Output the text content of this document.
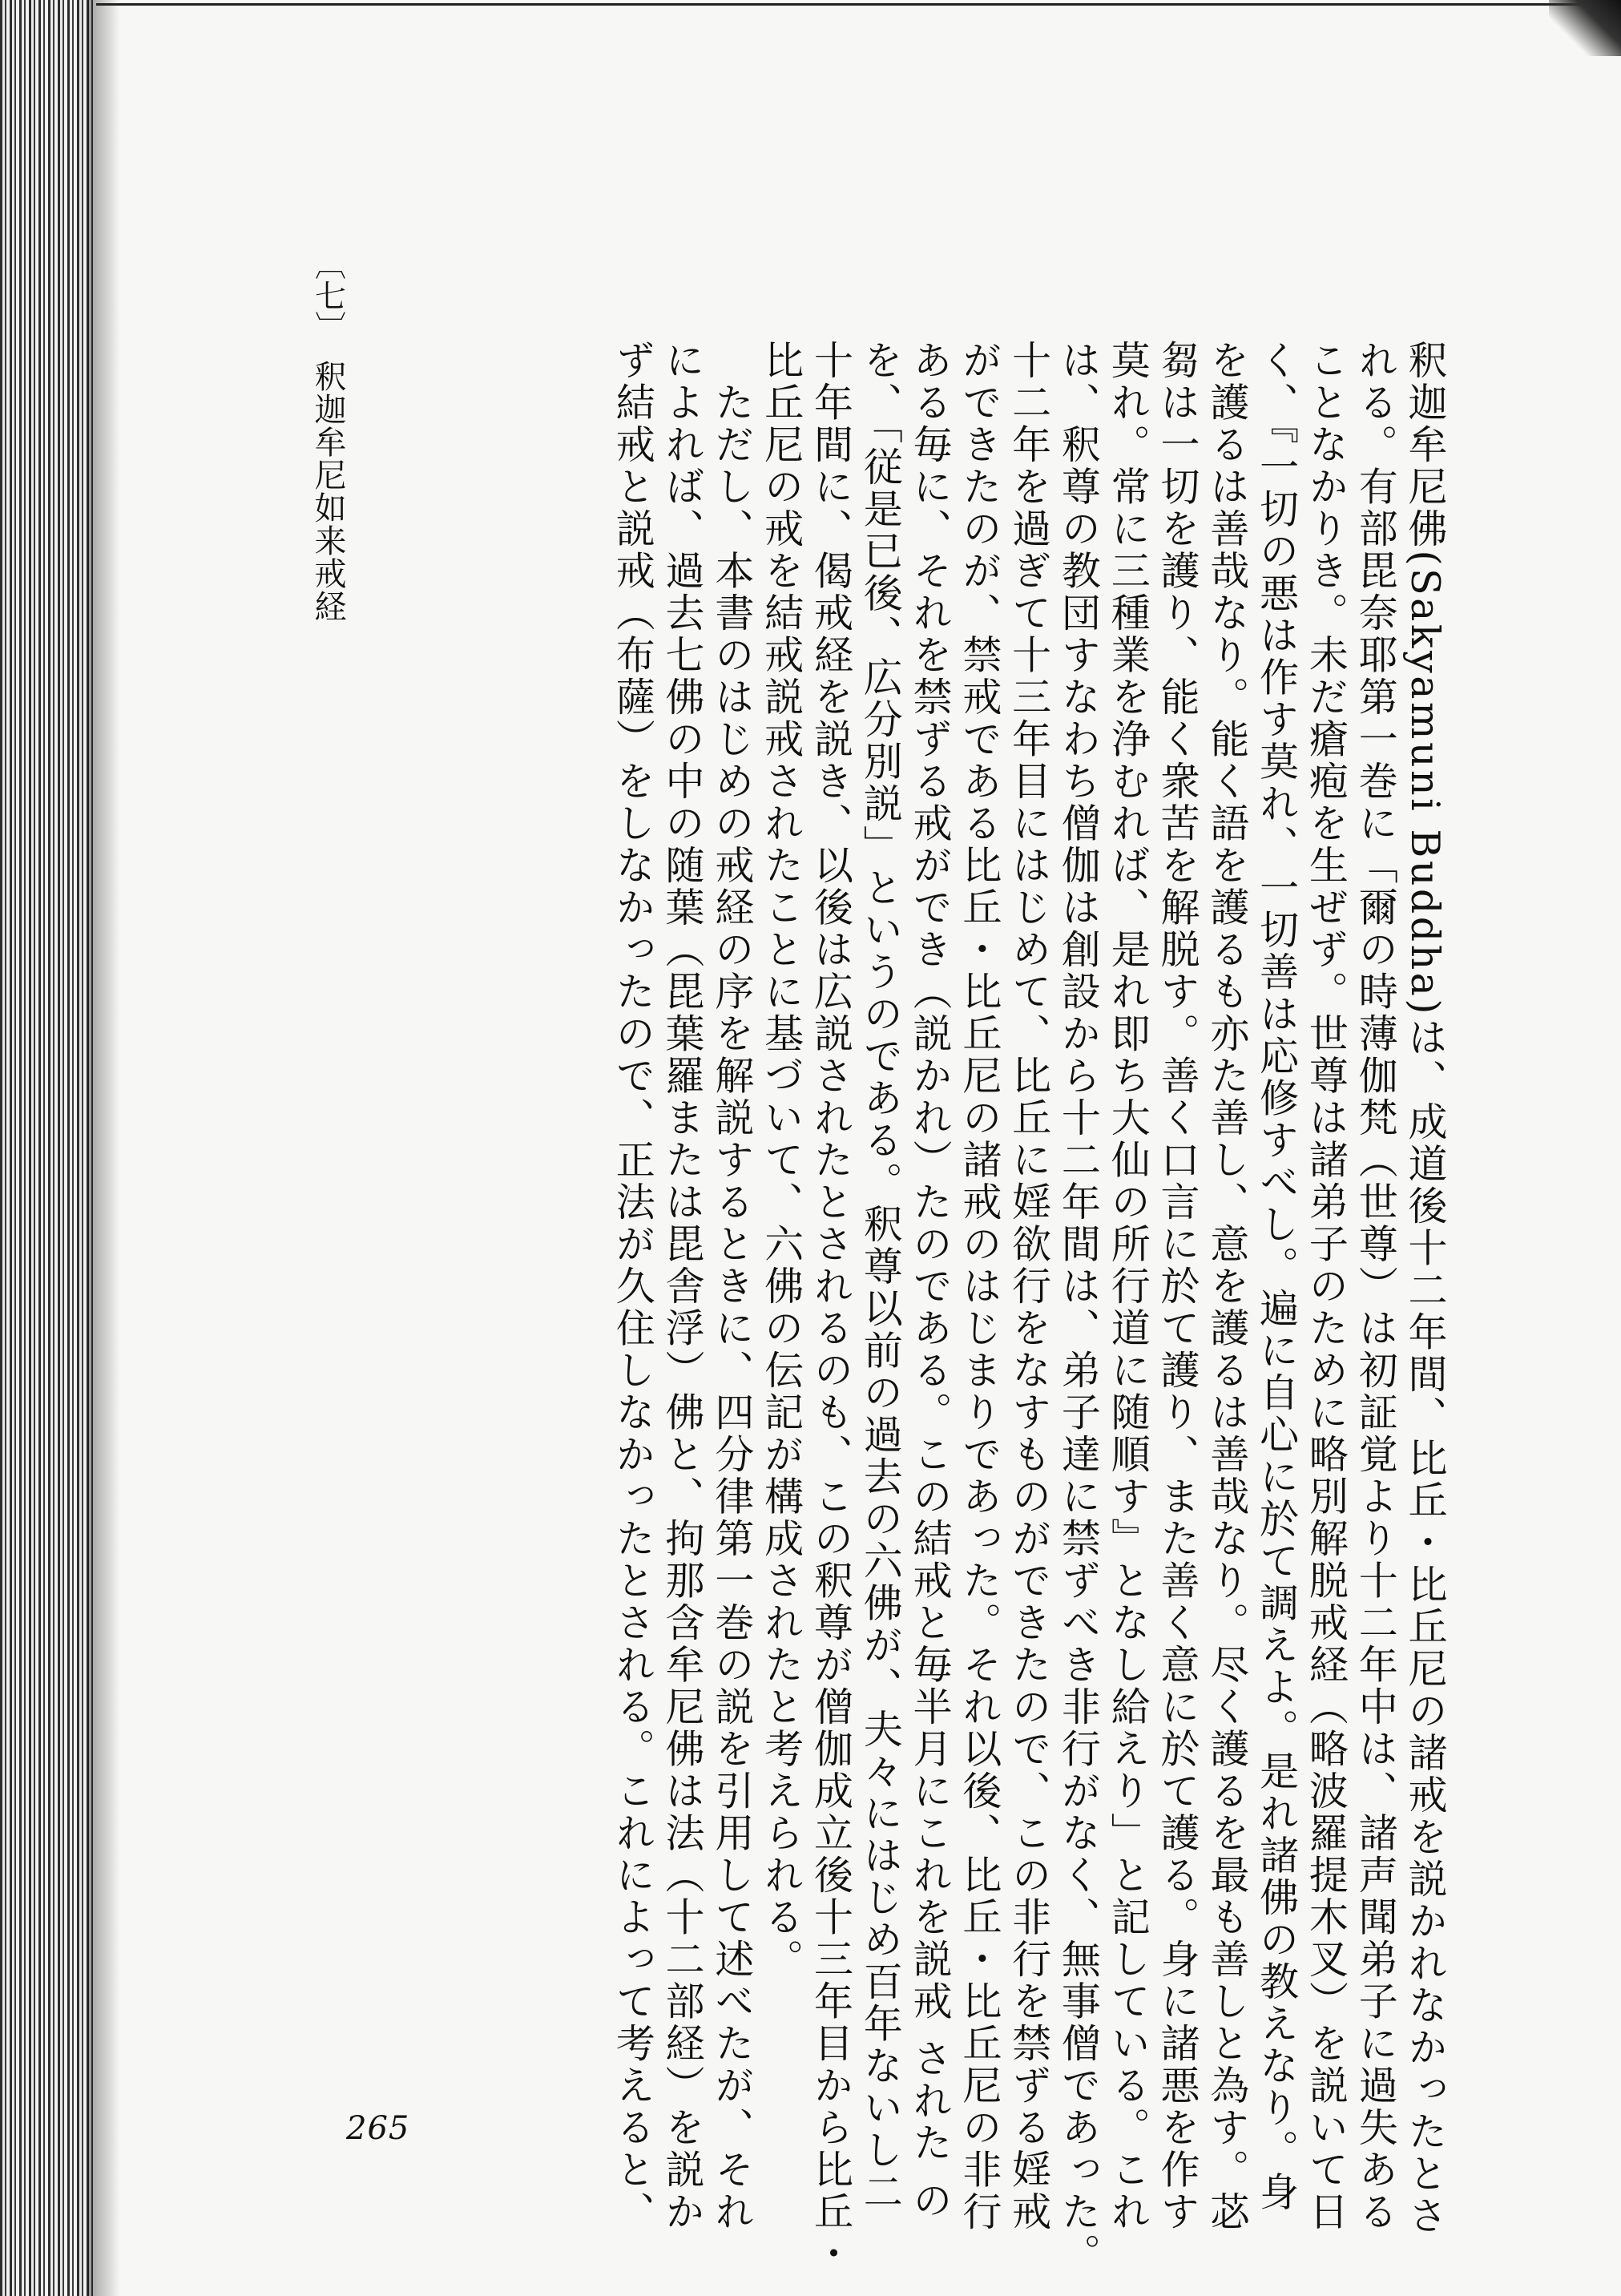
〔七〕
釈迦牟尼如来戒経	釈迦牟尼佛(Sakyamuni Buddha)は、成道後十二年間、比丘・比丘尼の諸戒を説かれなかったとさ
れる。有部毘奈耶第一巻に「爾の時薄伽梵（世尊）は初証覚より十二年中は、諸声聞弟子に過失ある
ことなかりき。未だ瘡疱を生ぜず。世尊は諸弟子のために略別解脱戒経（略波羅提木叉）を説いて日
く、『一切の悪は作す莫れ、一切善は応修すべし。遍に自心に於て調えよ。是れ諸佛の教えなり。身
を護るは善哉なり。能く語を護るも亦た善し、意を護るは善哉なり。尽く護るを最も善しと為す。苾
芻は一切を護り、能く衆苦を解脱す。善く口言に於て護り、また善く意に於て護る。身に諸悪を作す
莫れ。常に三種業を浄むれば、是れ即ち大仙の所行道に随順す』となし給えり」と記している。これ
は、釈尊の教団すなわち僧伽は創設から十二年間は、弟子達に禁ずべき非行がなく、無事僧であった。
十二年を過ぎて十三年目にはじめて、比丘に婬欲行をなすものができたので、この非行を禁ずる婬戒
ができたのが、禁戒である比丘・比丘尼の諸戒のはじまりであった。それ以後、比丘・比丘尼の非行
ある毎に、それを禁ずる戒ができ（説かれ）たのである。この結戒と毎半月にこれを説戒 された の
を、「従是已後、広分別説」というのである。釈尊以前の過去の六佛が、夫々にはじめ百年ないし二
十年間に、偈戒経を説き、以後は広説されたとされるのも、この釈尊が僧伽成立後十三年目から比丘・
比丘尼の戒を結戒説戒されたことに基づいて、六佛の伝記が構成されたと考えられる。
　ただし、本書のはじめの戒経の序を解説するときに、四分律第一巻の説を引用して述べたが、それ
によれば、過去七佛の中の随葉（毘葉羅または毘舎浮）佛と、拘那含牟尼佛は法（十二部経）を説か
ず結戒と説戒（布薩）をしなかったので、正法が久住しなかったとされる。これによって考えると、
265
